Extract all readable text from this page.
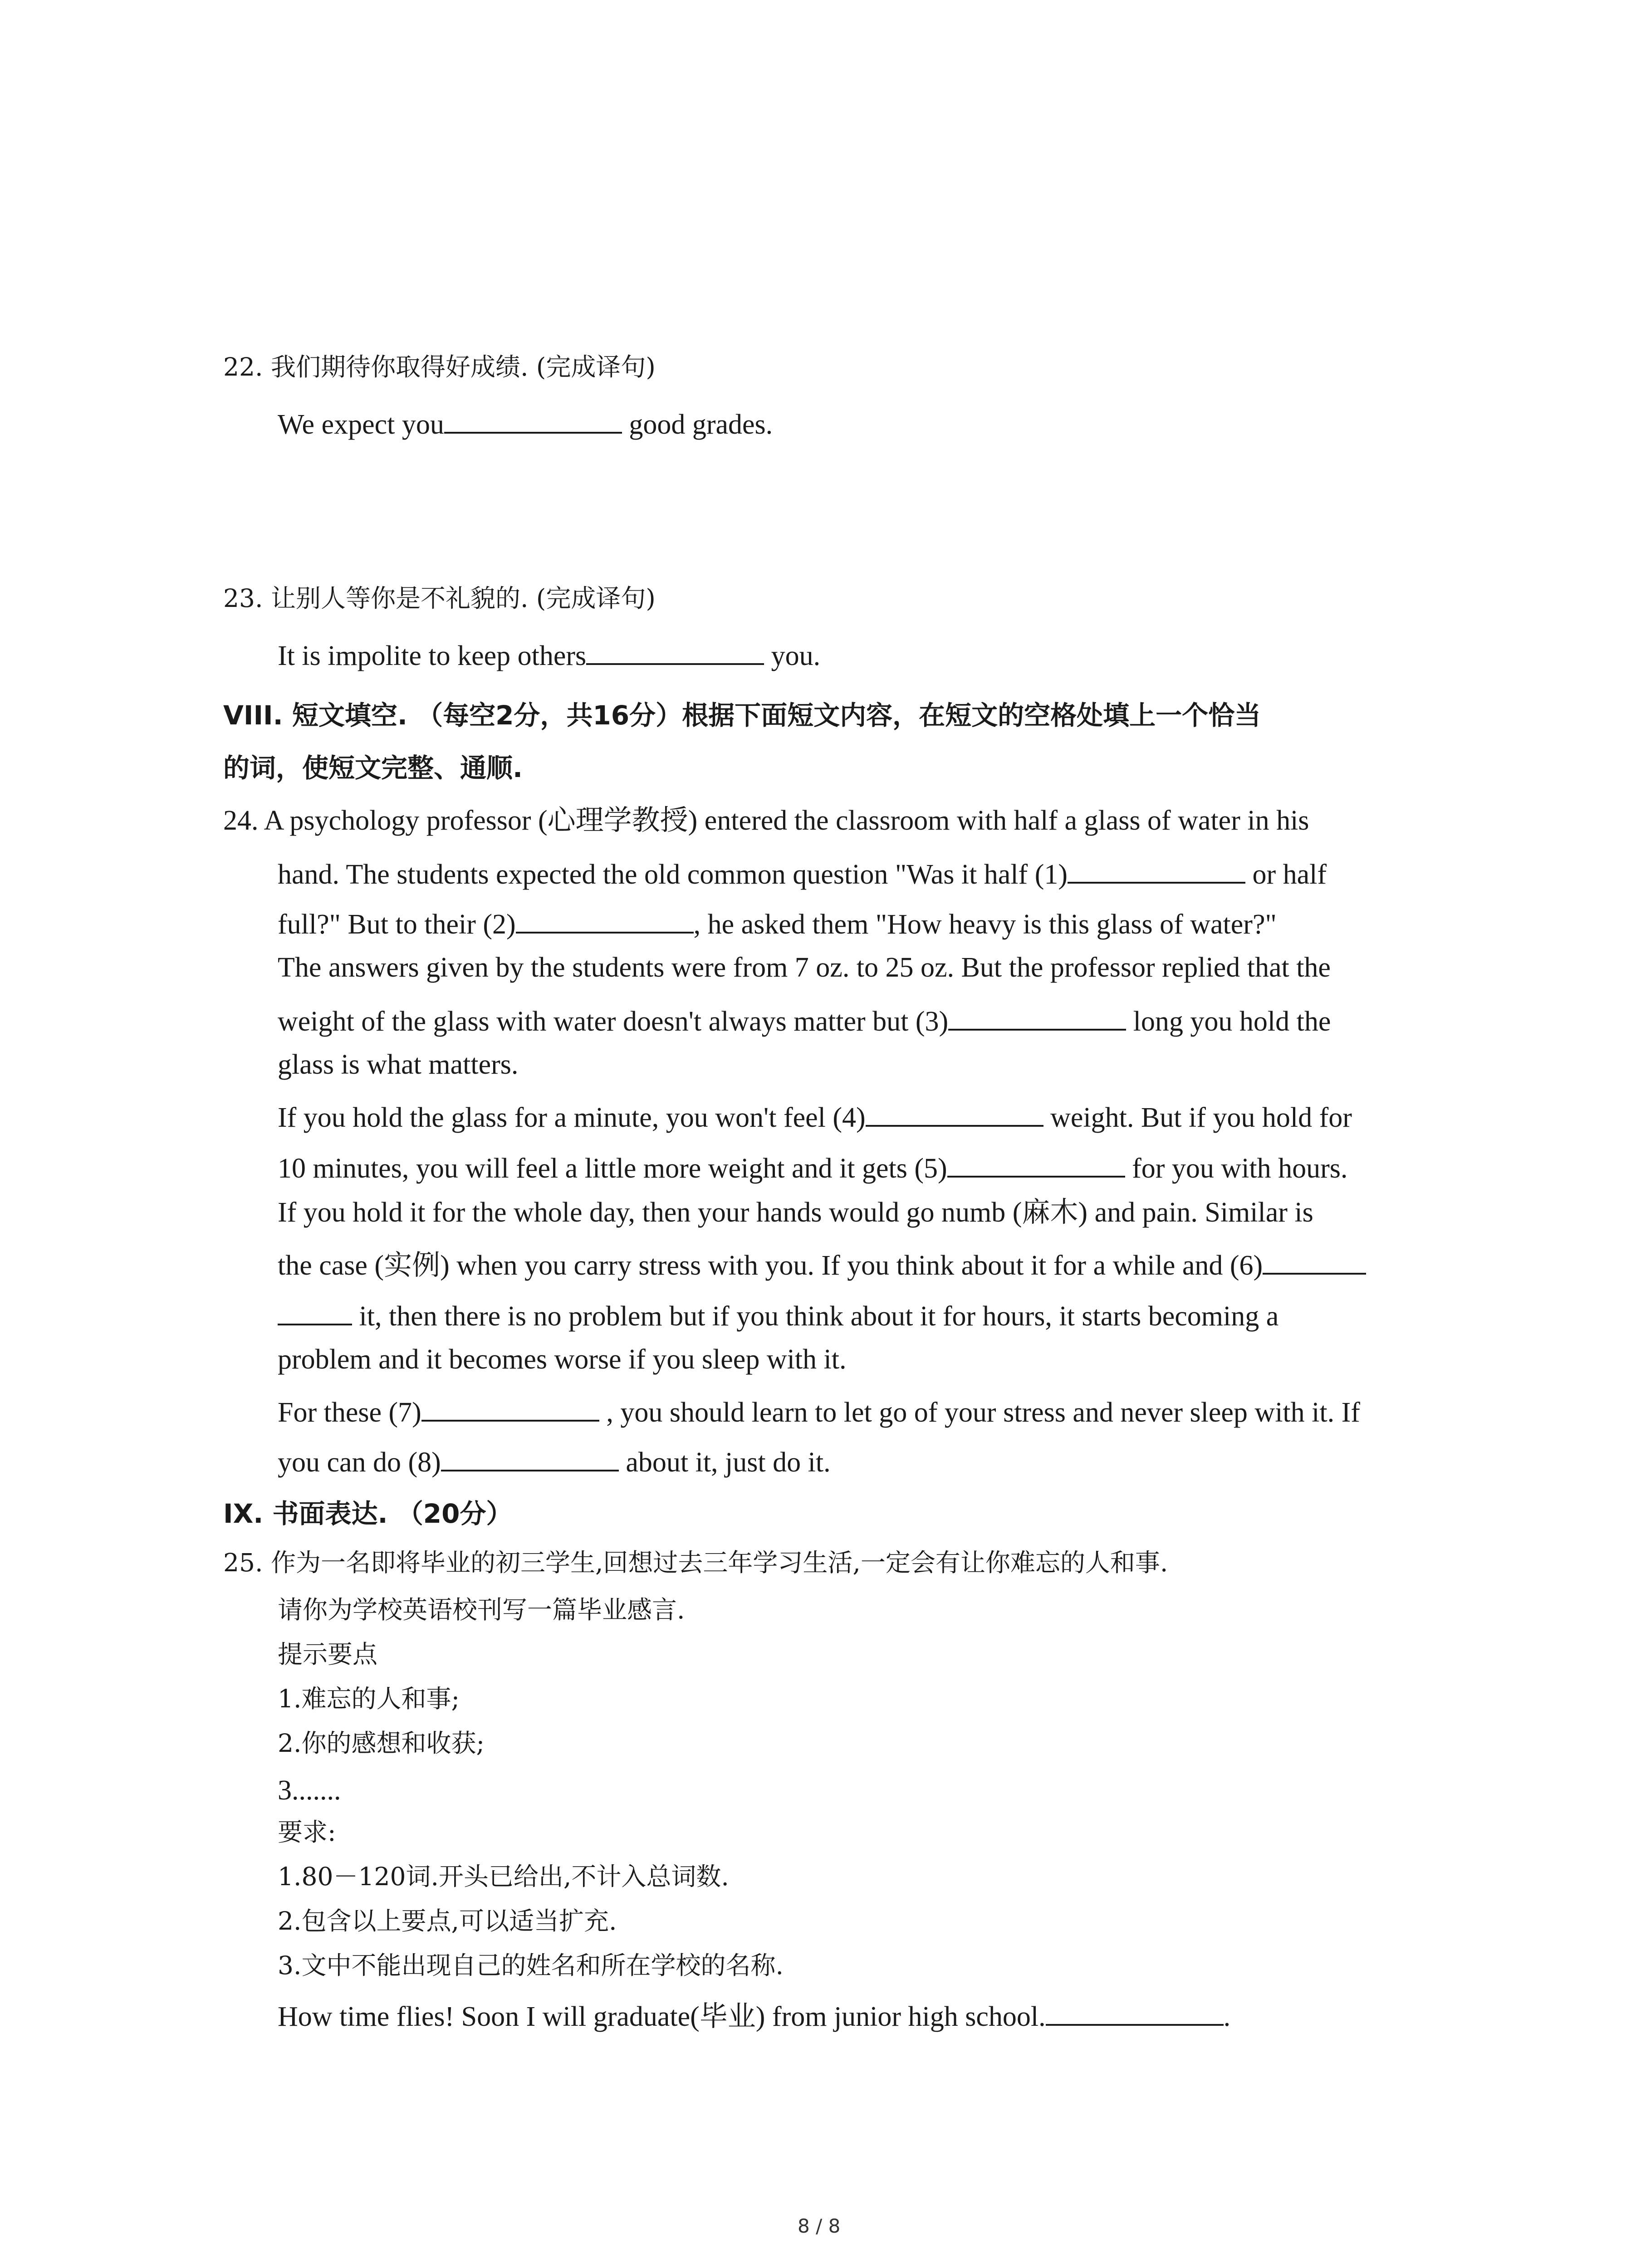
22. 我们期待你取得好成绩. (完成译句)
We expect you	good grades.
23. 让别人等你是不礼貌的. (完成译句)
It is impolite to keep others	you.
VIII. 短文填空. （每空2分，共16分）根据下面短文内容，在短文的空格处填上一个恰当
的词，使短文完整、通顺.
24. A psychology professor (心理学教授) entered the classroom with half a glass of water in his
hand. The students expected the old common question "Was it half (1)	or half
full?" But to their (2)	, he asked them "How heavy is this glass of water?"
The answers given by the students were from 7 oz. to 25 oz. But the professor replied that the
weight of the glass with water doesn't always matter but (3)	long you hold the
glass is what matters.
If you hold the glass for a minute, you won't feel (4)	weight. But if you hold for
10 minutes, you will feel a little more weight and it gets (5)	for you with hours.
If you hold it for the whole day, then your hands would go numb (麻木) and pain. Similar is
the case (实例) when you carry stress with you. If you think about it for a while and (6)
it, then there is no problem but if you think about it for hours, it starts becoming a
problem and it becomes worse if you sleep with it.
For these (7)	, you should learn to let go of your stress and never sleep with it. If
you can do (8)	about it, just do it.
IX. 书面表达. （20分）
25. 作为一名即将毕业的初三学生,回想过去三年学习生活,一定会有让你难忘的人和事.
请你为学校英语校刊写一篇毕业感言.
提示要点
1.难忘的人和事;
2.你的感想和收获;
3.......
要求:
1.80－120词.开头已给出,不计入总词数.
2.包含以上要点,可以适当扩充.
3.文中不能出现自己的姓名和所在学校的名称.
How time flies! Soon I will graduate(毕业) from junior high school.	.
8 / 8
